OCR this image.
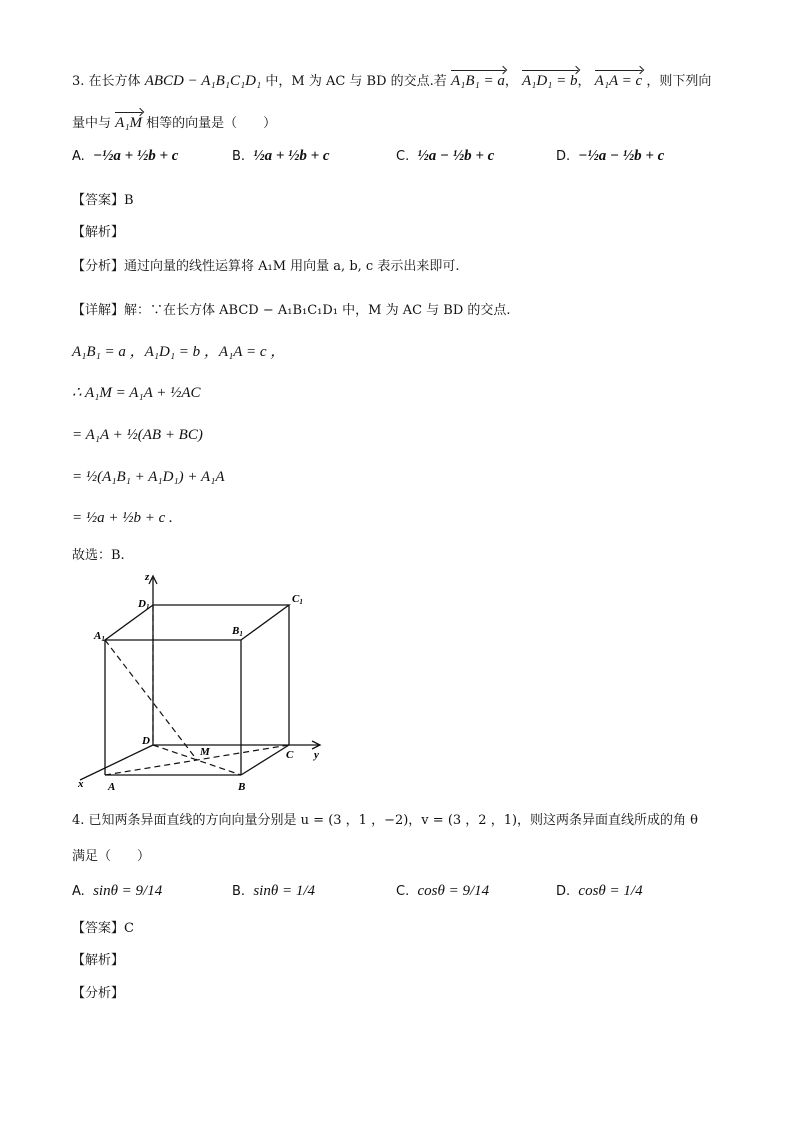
3. 在长方体 ABCD − A₁B₁C₁D₁ 中，M 为 AC 与 BD 的交点.若 A₁B₁ = a， A₁D₁ = b， A₁A = c ，则下列向
量中与 A₁M 相等的向量是（　　）
A. −½a + ½b + c	B. ½a + ½b + c	C. ½a − ½b + c	D. −½a − ½b + c
【答案】B
【解析】
【分析】通过向量的线性运算将 A₁M 用向量 a, b, c 表示出来即可.
【详解】解：∵在长方体 ABCD − A₁B₁C₁D₁ 中，M 为 AC 与 BD 的交点.
A₁B₁ = a ，A₁D₁ = b ，A₁A = c ，
∴ A₁M = A₁A + ½AC
= A₁A + ½(AB + BC)
= ½(A₁B₁ + A₁D₁) + A₁A
= ½a + ½b + c .
故选：B.
z
y
x A	B
C
D
M
A1
B1
C1
D1
4. 已知两条异面直线的方向向量分别是 u = (3 ，1 ，−2)，v = (3 ，2 ，1)，则这两条异面直线所成的角 θ
满足（　　）
A. sinθ = 9/14	B. sinθ = 1/4	C. cosθ = 9/14	D. cosθ = 1/4
【答案】C
【解析】
【分析】
